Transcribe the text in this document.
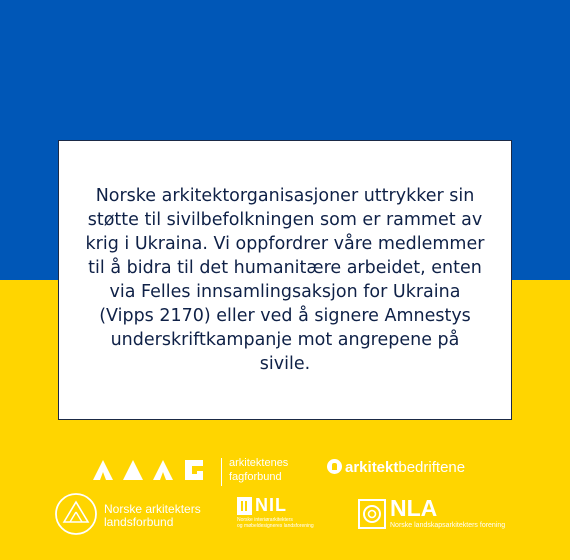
Norske arkitektorganisasjoner uttrykker sin støtte til sivilbefolkningen som er rammet av krig i Ukraina. Vi oppfordrer våre medlemmer til å bidra til det humanitære arbeidet, enten via Felles innsamlingsaksjon for Ukraina (Vipps 2170) eller ved å signere Amnestys underskriftkampanje mot angrepene på sivile.
arkitektenes
fagforbund
arkitektbedriftene
Norske arkitekters
landsforbund
NIL
Norske interiørarkitekters
og møbeldesigneres landsforening
NLA
Norske landskapsarkitekters forening
